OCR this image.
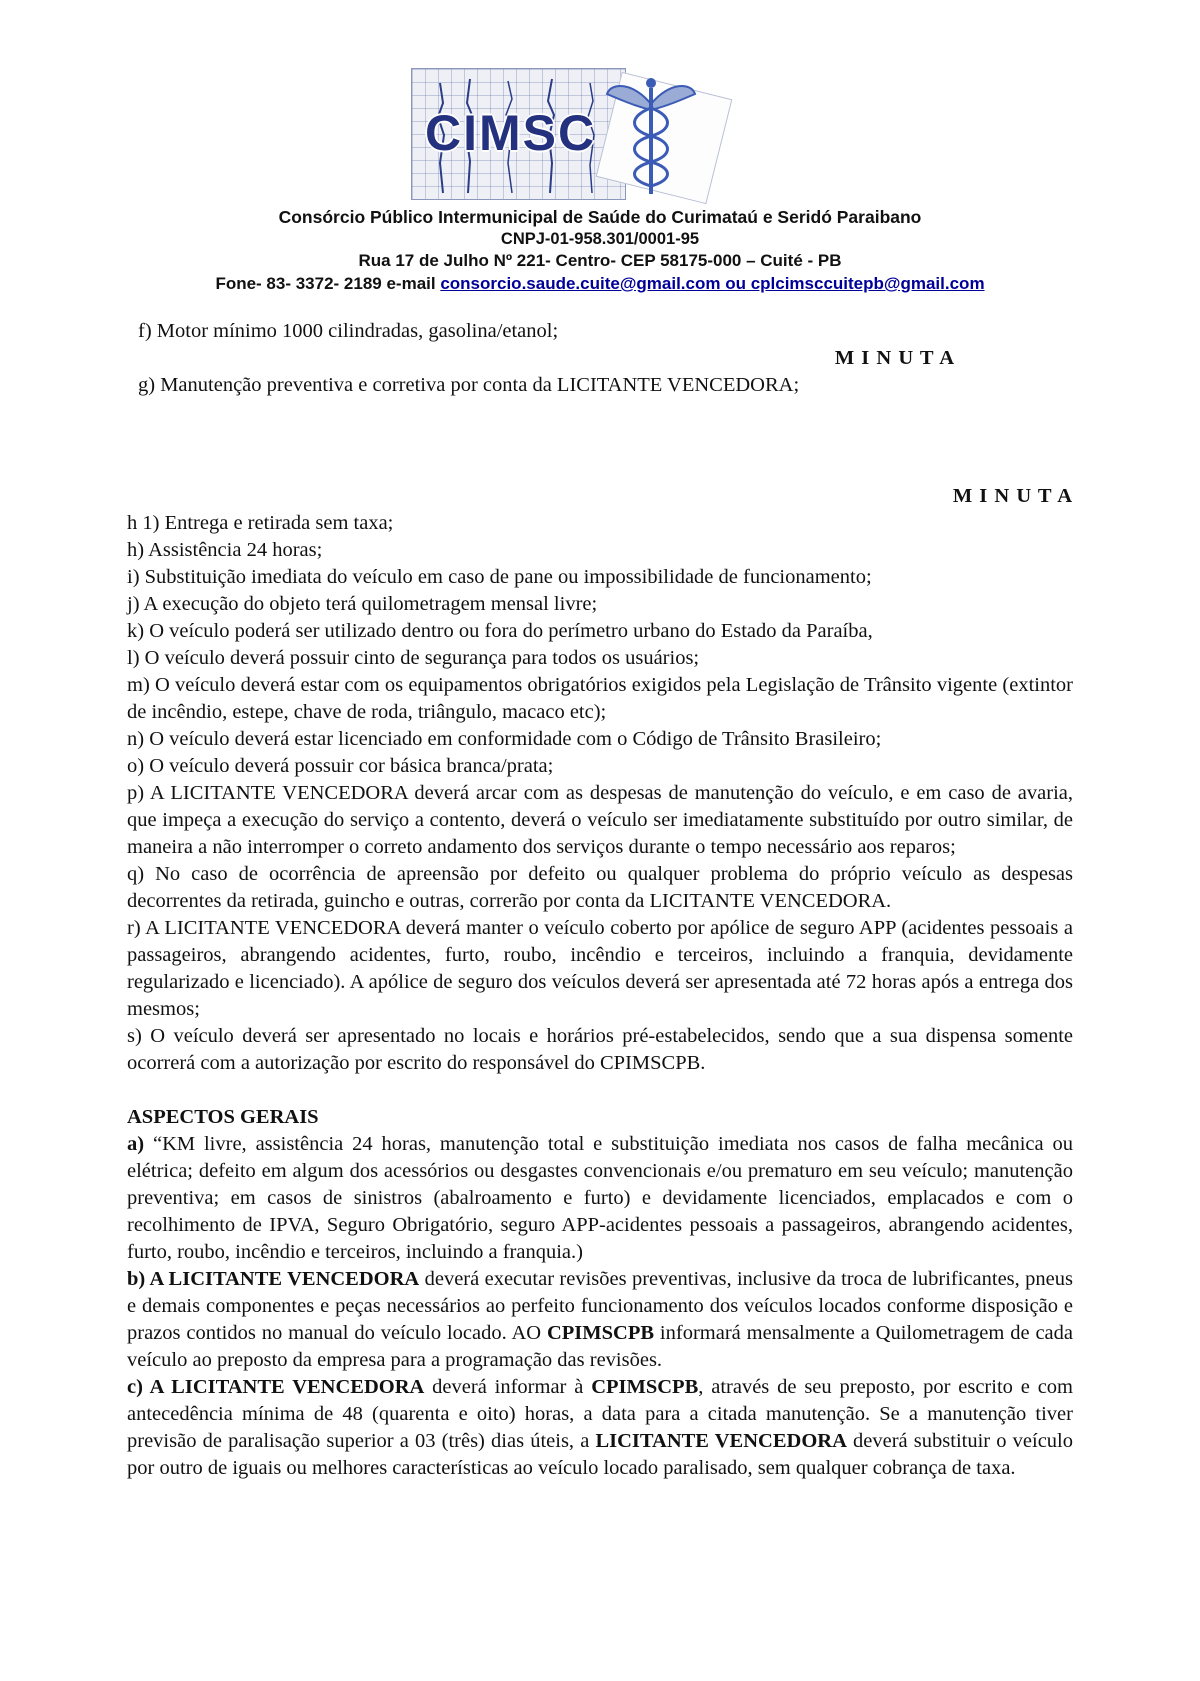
CIMSC
Consórcio Público Intermunicipal de Saúde do Curimataú e Seridó Paraibano
CNPJ-01-958.301/0001-95
Rua 17 de Julho Nº 221- Centro- CEP 58175-000 – Cuité - PB
Fone- 83- 3372- 2189 e-mail consorcio.saude.cuite@gmail.com ou cplcimsccuitepb@gmail.com

f) Motor mínimo 1000 cilindradas, gasolina/etanol;

M I N U T A

g) Manutenção preventiva e corretiva por conta da LICITANTE VENCEDORA;

M I N U T A

h 1) Entrega e retirada sem taxa;

h) Assistência 24 horas;

i) Substituição imediata do veículo em caso de pane ou impossibilidade de funcionamento;

j) A execução do objeto terá quilometragem mensal livre;

k) O veículo poderá ser utilizado dentro ou fora do perímetro urbano do Estado da Paraíba,

l) O veículo deverá possuir cinto de segurança para todos os usuários;

m) O veículo deverá estar com os equipamentos obrigatórios exigidos pela Legislação de Trânsito vigente (extintor de incêndio, estepe, chave de roda, triângulo, macaco etc);

n) O veículo deverá estar licenciado em conformidade com o Código de Trânsito Brasileiro;

o) O veículo deverá possuir cor básica branca/prata;

p) A LICITANTE VENCEDORA deverá arcar com as despesas de manutenção do veículo, e em caso de avaria, que impeça a execução do serviço a contento, deverá o veículo ser imediatamente substituído por outro similar, de maneira a não interromper o correto andamento dos serviços durante o tempo necessário aos reparos;

q) No caso de ocorrência de apreensão por defeito ou qualquer problema do próprio veículo as despesas decorrentes da retirada, guincho e outras, correrão por conta da LICITANTE VENCEDORA.

r) A LICITANTE VENCEDORA deverá manter o veículo coberto por apólice de seguro APP (acidentes pessoais a passageiros, abrangendo acidentes, furto, roubo, incêndio e terceiros, incluindo a franquia, devidamente regularizado e licenciado). A apólice de seguro dos veículos deverá ser apresentada até 72 horas após a entrega dos mesmos;

s) O veículo deverá ser apresentado no locais e horários pré-estabelecidos, sendo que a sua dispensa somente ocorrerá com a autorização por escrito do responsável do CPIMSCPB.

ASPECTOS GERAIS

a) “KM livre, assistência 24 horas, manutenção total e substituição imediata nos casos de falha mecânica ou elétrica; defeito em algum dos acessórios ou desgastes convencionais e/ou prematuro em seu veículo; manutenção preventiva; em casos de sinistros (abalroamento e furto) e devidamente licenciados, emplacados e com o recolhimento de IPVA, Seguro Obrigatório, seguro APP-acidentes pessoais a passageiros, abrangendo acidentes, furto, roubo, incêndio e terceiros, incluindo a franquia.)

b) A LICITANTE VENCEDORA deverá executar revisões preventivas, inclusive da troca de lubrificantes, pneus e demais componentes e peças necessários ao perfeito funcionamento dos veículos locados conforme disposição e prazos contidos no manual do veículo locado. AO CPIMSCPB informará mensalmente a Quilometragem de cada veículo ao preposto da empresa para a programação das revisões.

c) A LICITANTE VENCEDORA deverá informar à CPIMSCPB, através de seu preposto, por escrito e com antecedência mínima de 48 (quarenta e oito) horas, a data para a citada manutenção. Se a manutenção tiver previsão de paralisação superior a 03 (três) dias úteis, a LICITANTE VENCEDORA deverá substituir o veículo por outro de iguais ou melhores características ao veículo locado paralisado, sem qualquer cobrança de taxa.
